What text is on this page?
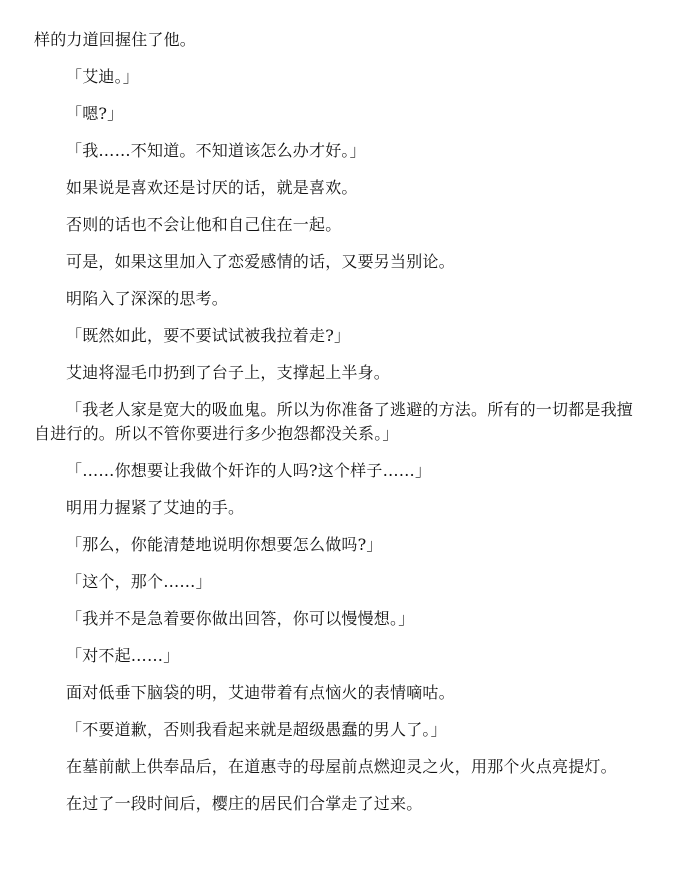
样的力道回握住了他。

「艾迪。」

「嗯?」

「我……不知道。不知道该怎么办才好。」

如果说是喜欢还是讨厌的话，就是喜欢。

否则的话也不会让他和自己住在一起。

可是，如果这里加入了恋爱感情的话，又要另当别论。

明陷入了深深的思考。

「既然如此，要不要试试被我拉着走?」

艾迪将湿毛巾扔到了台子上，支撑起上半身。

「我老人家是宽大的吸血鬼。所以为你准备了逃避的方法。所有的一切都是我擅自进行的。所以不管你要进行多少抱怨都没关系。」

「……你想要让我做个奸诈的人吗?这个样子……」

明用力握紧了艾迪的手。

「那么，你能清楚地说明你想要怎么做吗?」

「这个，那个……」

「我并不是急着要你做出回答，你可以慢慢想。」

「对不起……」

面对低垂下脑袋的明，艾迪带着有点恼火的表情嘀咕。

「不要道歉，否则我看起来就是超级愚蠢的男人了。」

在墓前献上供奉品后，在道惠寺的母屋前点燃迎灵之火，用那个火点亮提灯。

在过了一段时间后，樱庄的居民们合掌走了过来。
